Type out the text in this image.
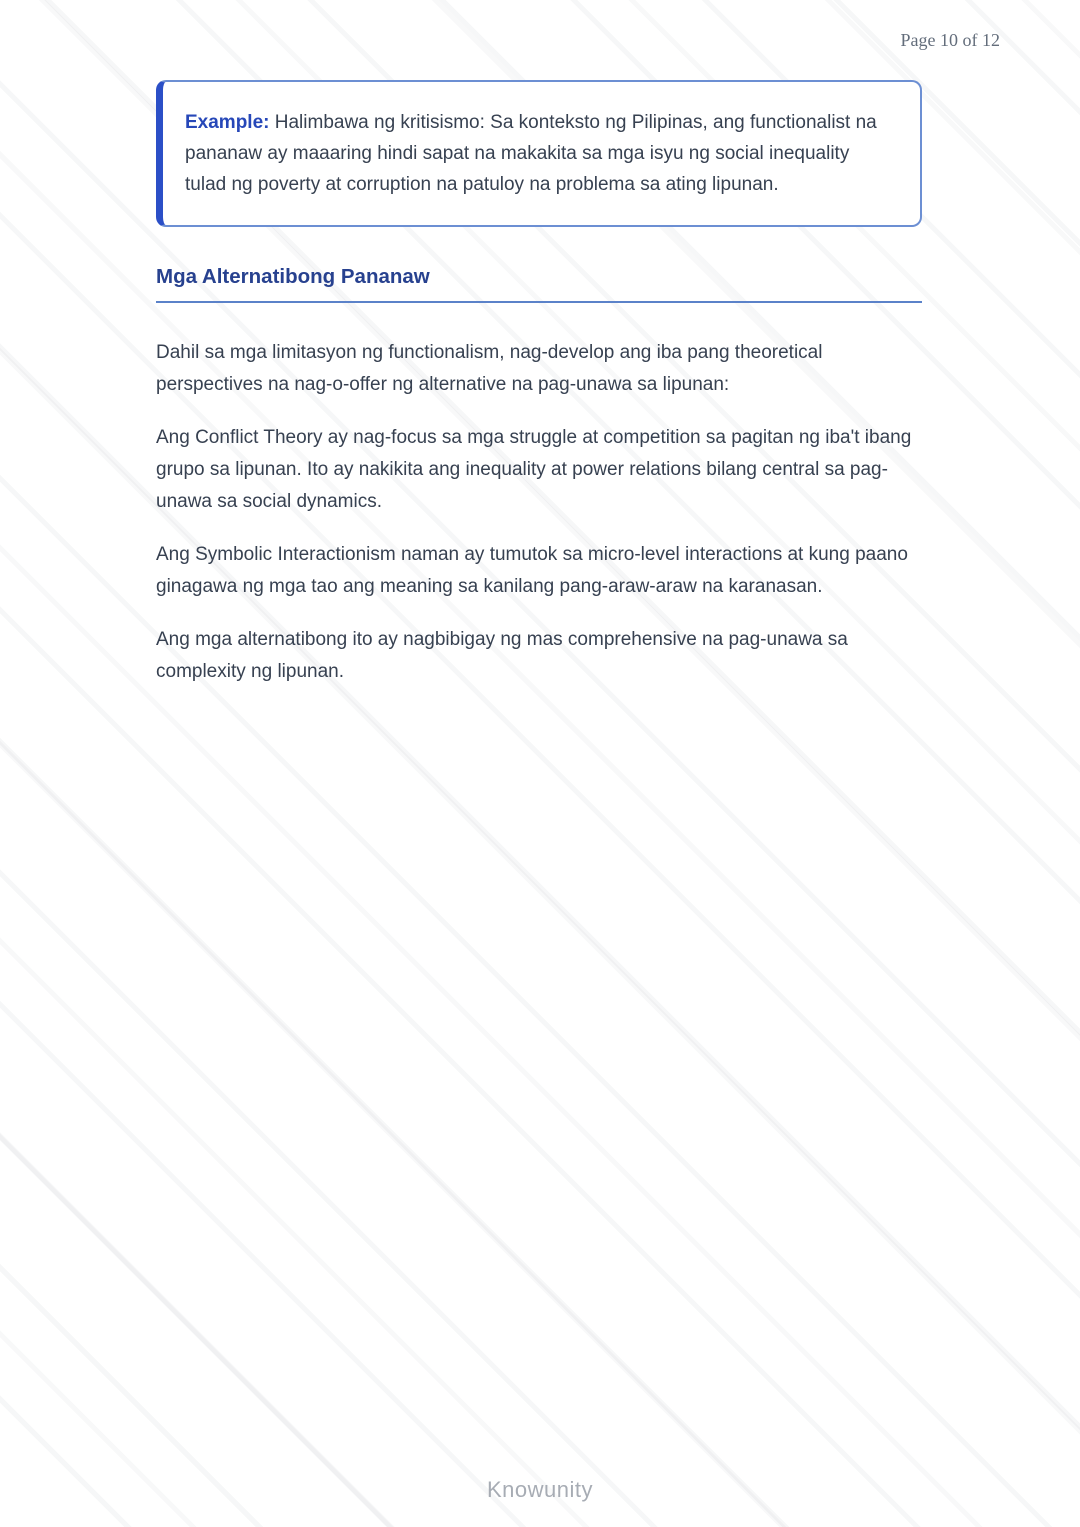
Page 10 of 12
Example: Halimbawa ng kritisismo: Sa konteksto ng Pilipinas, ang functionalist na pananaw ay maaaring hindi sapat na makakita sa mga isyu ng social inequality tulad ng poverty at corruption na patuloy na problema sa ating lipunan.
Mga Alternatibong Pananaw

Dahil sa mga limitasyon ng functionalism, nag-develop ang iba pang theoretical perspectives na nag-o-offer ng alternative na pag-unawa sa lipunan:

Ang Conflict Theory ay nag-focus sa mga struggle at competition sa pagitan ng iba't ibang grupo sa lipunan. Ito ay nakikita ang inequality at power relations bilang central sa pag-unawa sa social dynamics.

Ang Symbolic Interactionism naman ay tumutok sa micro-level interactions at kung paano ginagawa ng mga tao ang meaning sa kanilang pang-araw-araw na karanasan.

Ang mga alternatibong ito ay nagbibigay ng mas comprehensive na pag-unawa sa complexity ng lipunan.

Knowunity
